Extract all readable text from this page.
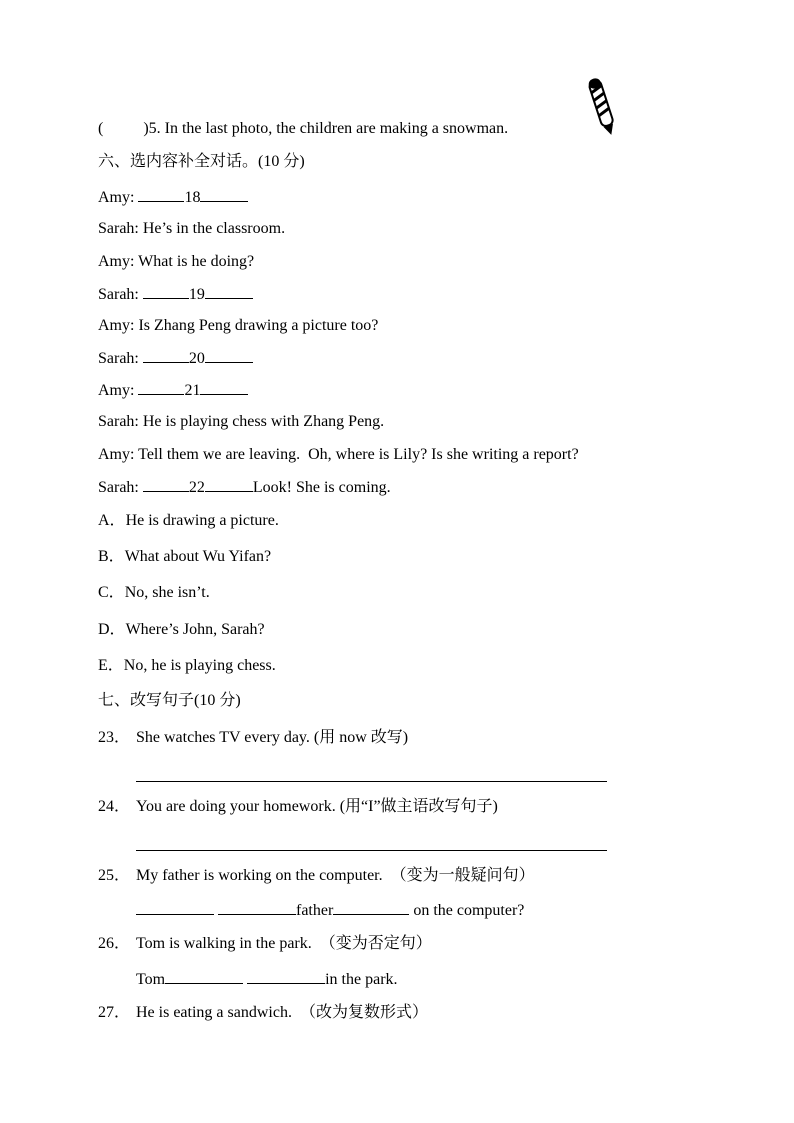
(          )5. In the last photo, the children are making a snowman.
六、选内容补全对话。(10 分)
Amy:	18
Sarah: He’s in the classroom.
Amy: What is he doing?
Sarah:	19
Amy: Is Zhang Peng drawing a picture too?
Sarah:	20
Amy:	21
Sarah: He is playing chess with Zhang Peng.
Amy: Tell them we are leaving.  Oh, where is Lily? Is she writing a report?
Sarah:	22	Look! She is coming.
A．He is drawing a picture.
B．What about Wu Yifan?
C．No, she isn’t.
D．Where’s John, Sarah?
E．No, he is playing chess.
七、改写句子(10 分)
23． She watches TV every day. (用 now 改写)
24． You are doing your homework. (用“I”做主语改写句子)
25． My father is working on the computer.  （变为一般疑问句）
father	on the computer?
26． Tom is walking in the park.  （变为否定句）
Tom	in the park.
27． He is eating a sandwich.  （改为复数形式）
